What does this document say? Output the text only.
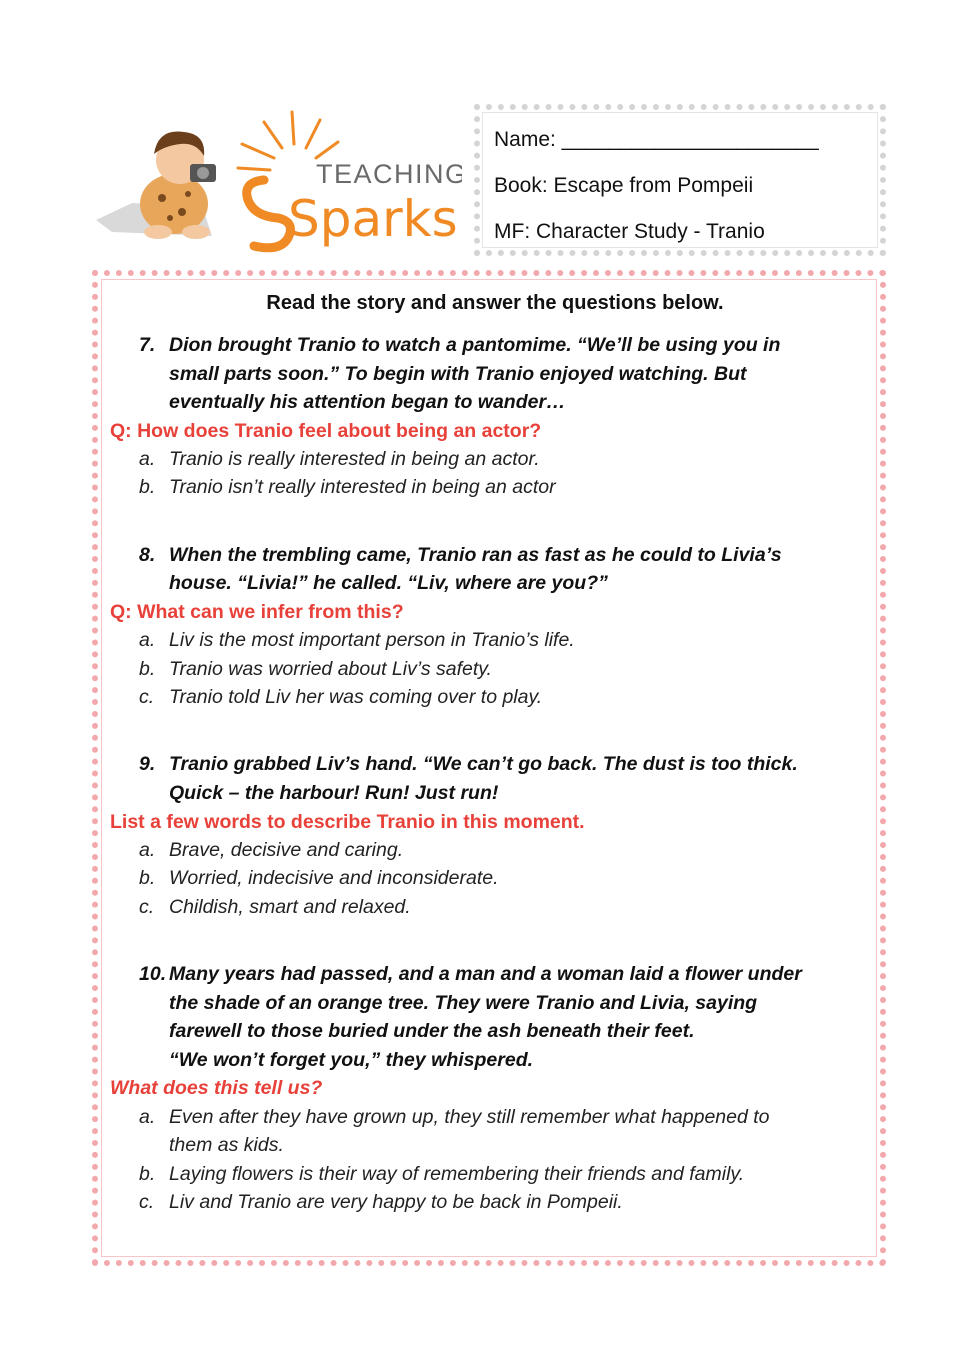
TEACHING
Sparks
Name: ______________________
Book: Escape from Pompeii
MF: Character Study - Tranio
Read the story and answer the questions below.
7. Dion brought Tranio to watch a pantomime. “We’ll be using you in
small parts soon.” To begin with Tranio enjoyed watching. But
eventually his attention began to wander…
Q: How does Tranio feel about being an actor?
a. Tranio is really interested in being an actor.
b. Tranio isn’t really interested in being an actor
8. When the trembling came, Tranio ran as fast as he could to Livia’s
house. “Livia!” he called. “Liv, where are you?”
Q: What can we infer from this?
a. Liv is the most important person in Tranio’s life.
b. Tranio was worried about Liv’s safety.
c. Tranio told Liv her was coming over to play.
9. Tranio grabbed Liv’s hand. “We can’t go back. The dust is too thick.
Quick – the harbour! Run! Just run!
List a few words to describe Tranio in this moment.
a. Brave, decisive and caring.
b. Worried, indecisive and inconsiderate.
c. Childish, smart and relaxed.
10. Many years had passed, and a man and a woman laid a flower under
the shade of an orange tree. They were Tranio and Livia, saying
farewell to those buried under the ash beneath their feet.
“We won’t forget you,” they whispered.
What does this tell us?
a. Even after they have grown up, they still remember what happened to
them as kids.
b. Laying flowers is their way of remembering their friends and family.
c. Liv and Tranio are very happy to be back in Pompeii.
